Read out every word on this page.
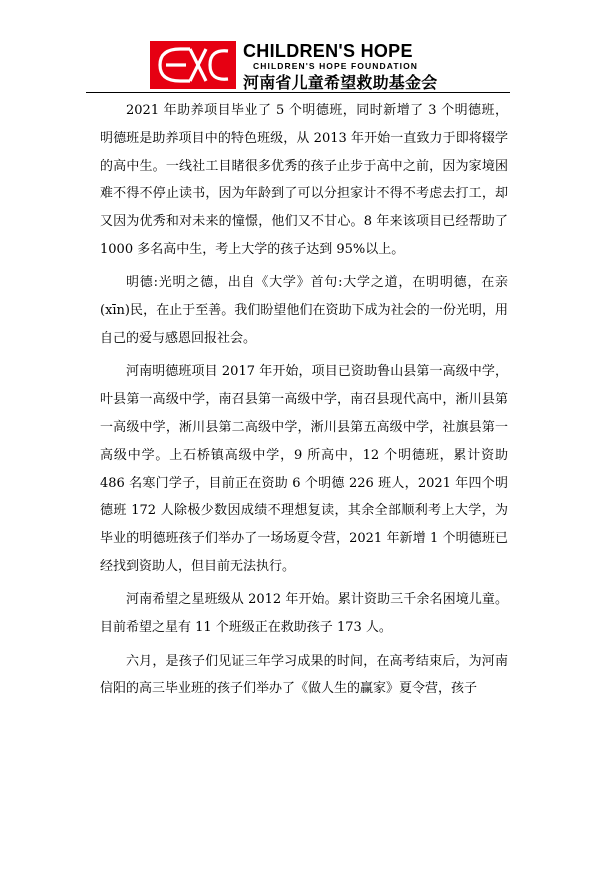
CHILDREN'S HOPE
CHILDREN'S HOPE FOUNDATION
河南省儿童希望救助基金会

2021 年助养项目毕业了 5 个明德班，同时新增了 3 个明德班，明德班是助养项目中的特色班级，从 2013 年开始一直致力于即将辍学的高中生。一线社工目睹很多优秀的孩子止步于高中之前，因为家境困难不得不停止读书，因为年龄到了可以分担家计不得不考虑去打工，却又因为优秀和对未来的憧憬，他们又不甘心。8 年来该项目已经帮助了 1000 多名高中生，考上大学的孩子达到 95%以上。

明德:光明之德，出自《大学》首句:大学之道，在明明德，在亲(xīn)民，在止于至善。我们盼望他们在资助下成为社会的一份光明，用自己的爱与感恩回报社会。

河南明德班项目 2017 年开始，项目已资助鲁山县第一高级中学，叶县第一高级中学，南召县第一高级中学，南召县现代高中，淅川县第一高级中学，淅川县第二高级中学，淅川县第五高级中学，社旗县第一高级中学。上石桥镇高级中学，9 所高中，12 个明德班，累计资助 486 名寒门学子，目前正在资助 6 个明德 226 班人，2021 年四个明德班 172 人除极少数因成绩不理想复读，其余全部顺利考上大学，为毕业的明德班孩子们举办了一场场夏令营，2021 年新增 1 个明德班已经找到资助人，但目前无法执行。

河南希望之星班级从 2012 年开始。累计资助三千余名困境儿童。目前希望之星有 11 个班级正在救助孩子 173 人。

六月，是孩子们见证三年学习成果的时间，在高考结束后，为河南信阳的高三毕业班的孩子们举办了《做人生的赢家》夏令营，孩子
